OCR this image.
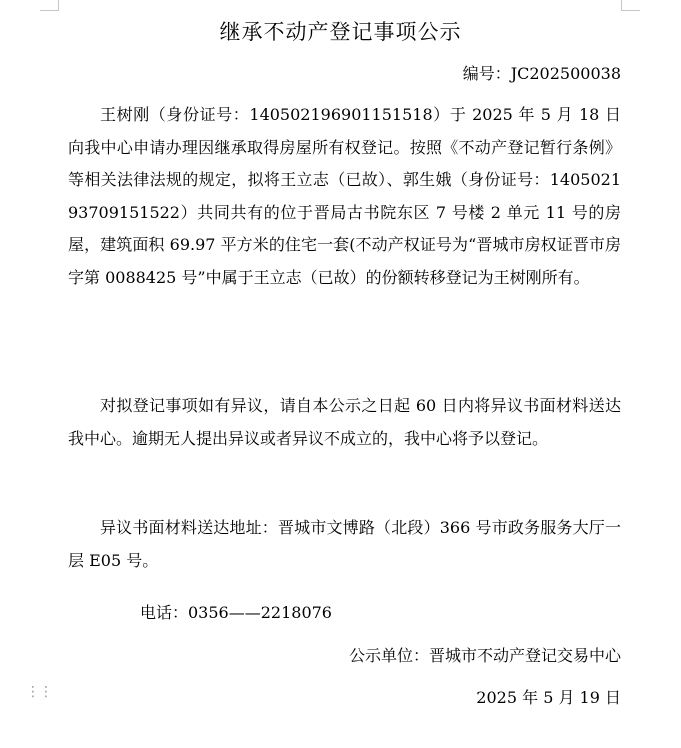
继承不动产登记事项公示
编号：JC202500038

王树刚（身份证号：140502196901151518）于 2025 年 5 月 18 日向我中心申请办理因继承取得房屋所有权登记。按照《不动产登记暂行条例》等相关法律法规的规定，拟将王立志（已故）、郭生娥（身份证号：140502193709151522）共同共有的位于晋局古书院东区 7 号楼 2 单元 11 号的房屋，建筑面积 69.97 平方米的住宅一套(不动产权证号为“晋城市房权证晋市房字第 0088425 号”中属于王立志（已故）的份额转移登记为王树刚所有。

对拟登记事项如有异议，请自本公示之日起 60 日内将异议书面材料送达我中心。逾期无人提出异议或者异议不成立的，我中心将予以登记。

异议书面材料送达地址：晋城市文博路（北段）366 号市政务服务大厅一层 E05 号。

电话：0356——2218076
公示单位：晋城市不动产登记交易中心
⋮⋮	2025 年 5 月 19 日
